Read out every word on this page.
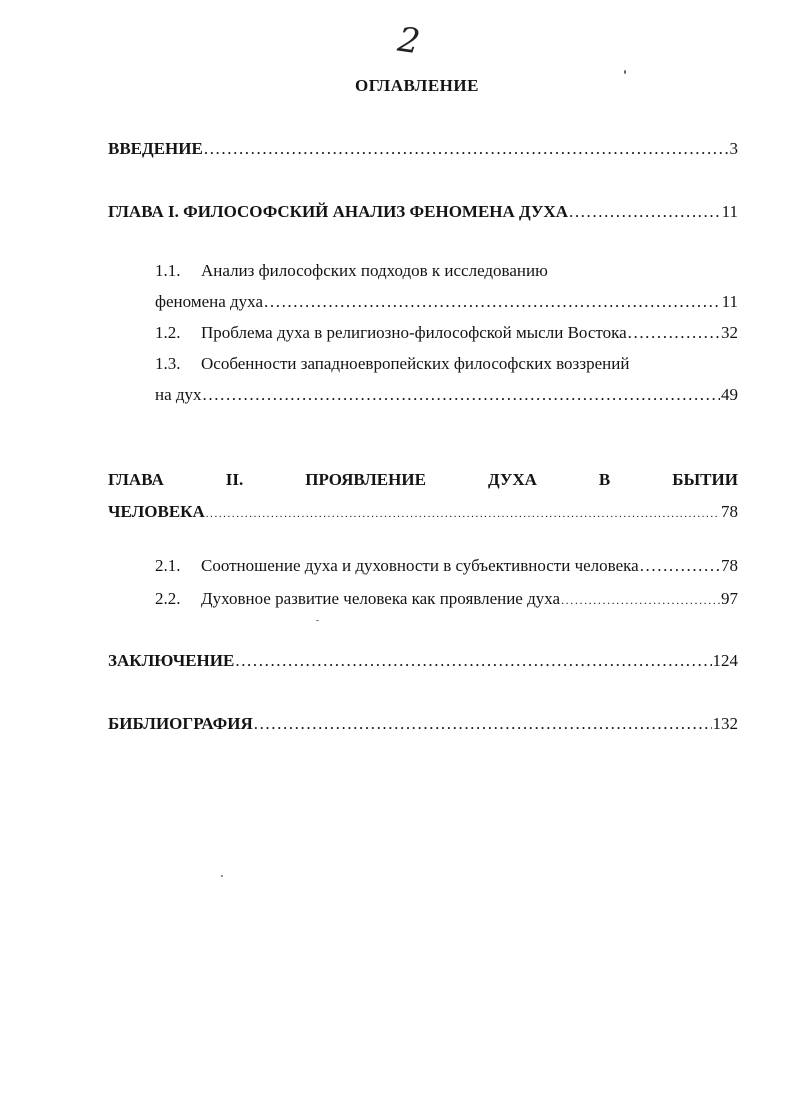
2
ОГЛАВЛЕНИЕ
ВВЕДЕНИЕ .....	3
ГЛАВА I. ФИЛОСОФСКИЙ АНАЛИЗ ФЕНОМЕНА ДУХА .....	11
1.1. Анализ философских подходов к исследованию
феномена духа .....	11
1.2. Проблема духа в религиозно-философской мысли Востока .....	32
1.3. Особенности западноевропейских философских воззрений
на дух .....	49
ГЛАВА	II.	ПРОЯВЛЕНИЕ	ДУХА	В	БЫТИИ
ЧЕЛОВЕКА .....	78
2.1. Соотношение духа и духовности в субъективности человека .....	78
2.2. Духовное развитие человека как проявление духа .....	97
ЗАКЛЮЧЕНИЕ .....	124
БИБЛИОГРАФИЯ .....	132
